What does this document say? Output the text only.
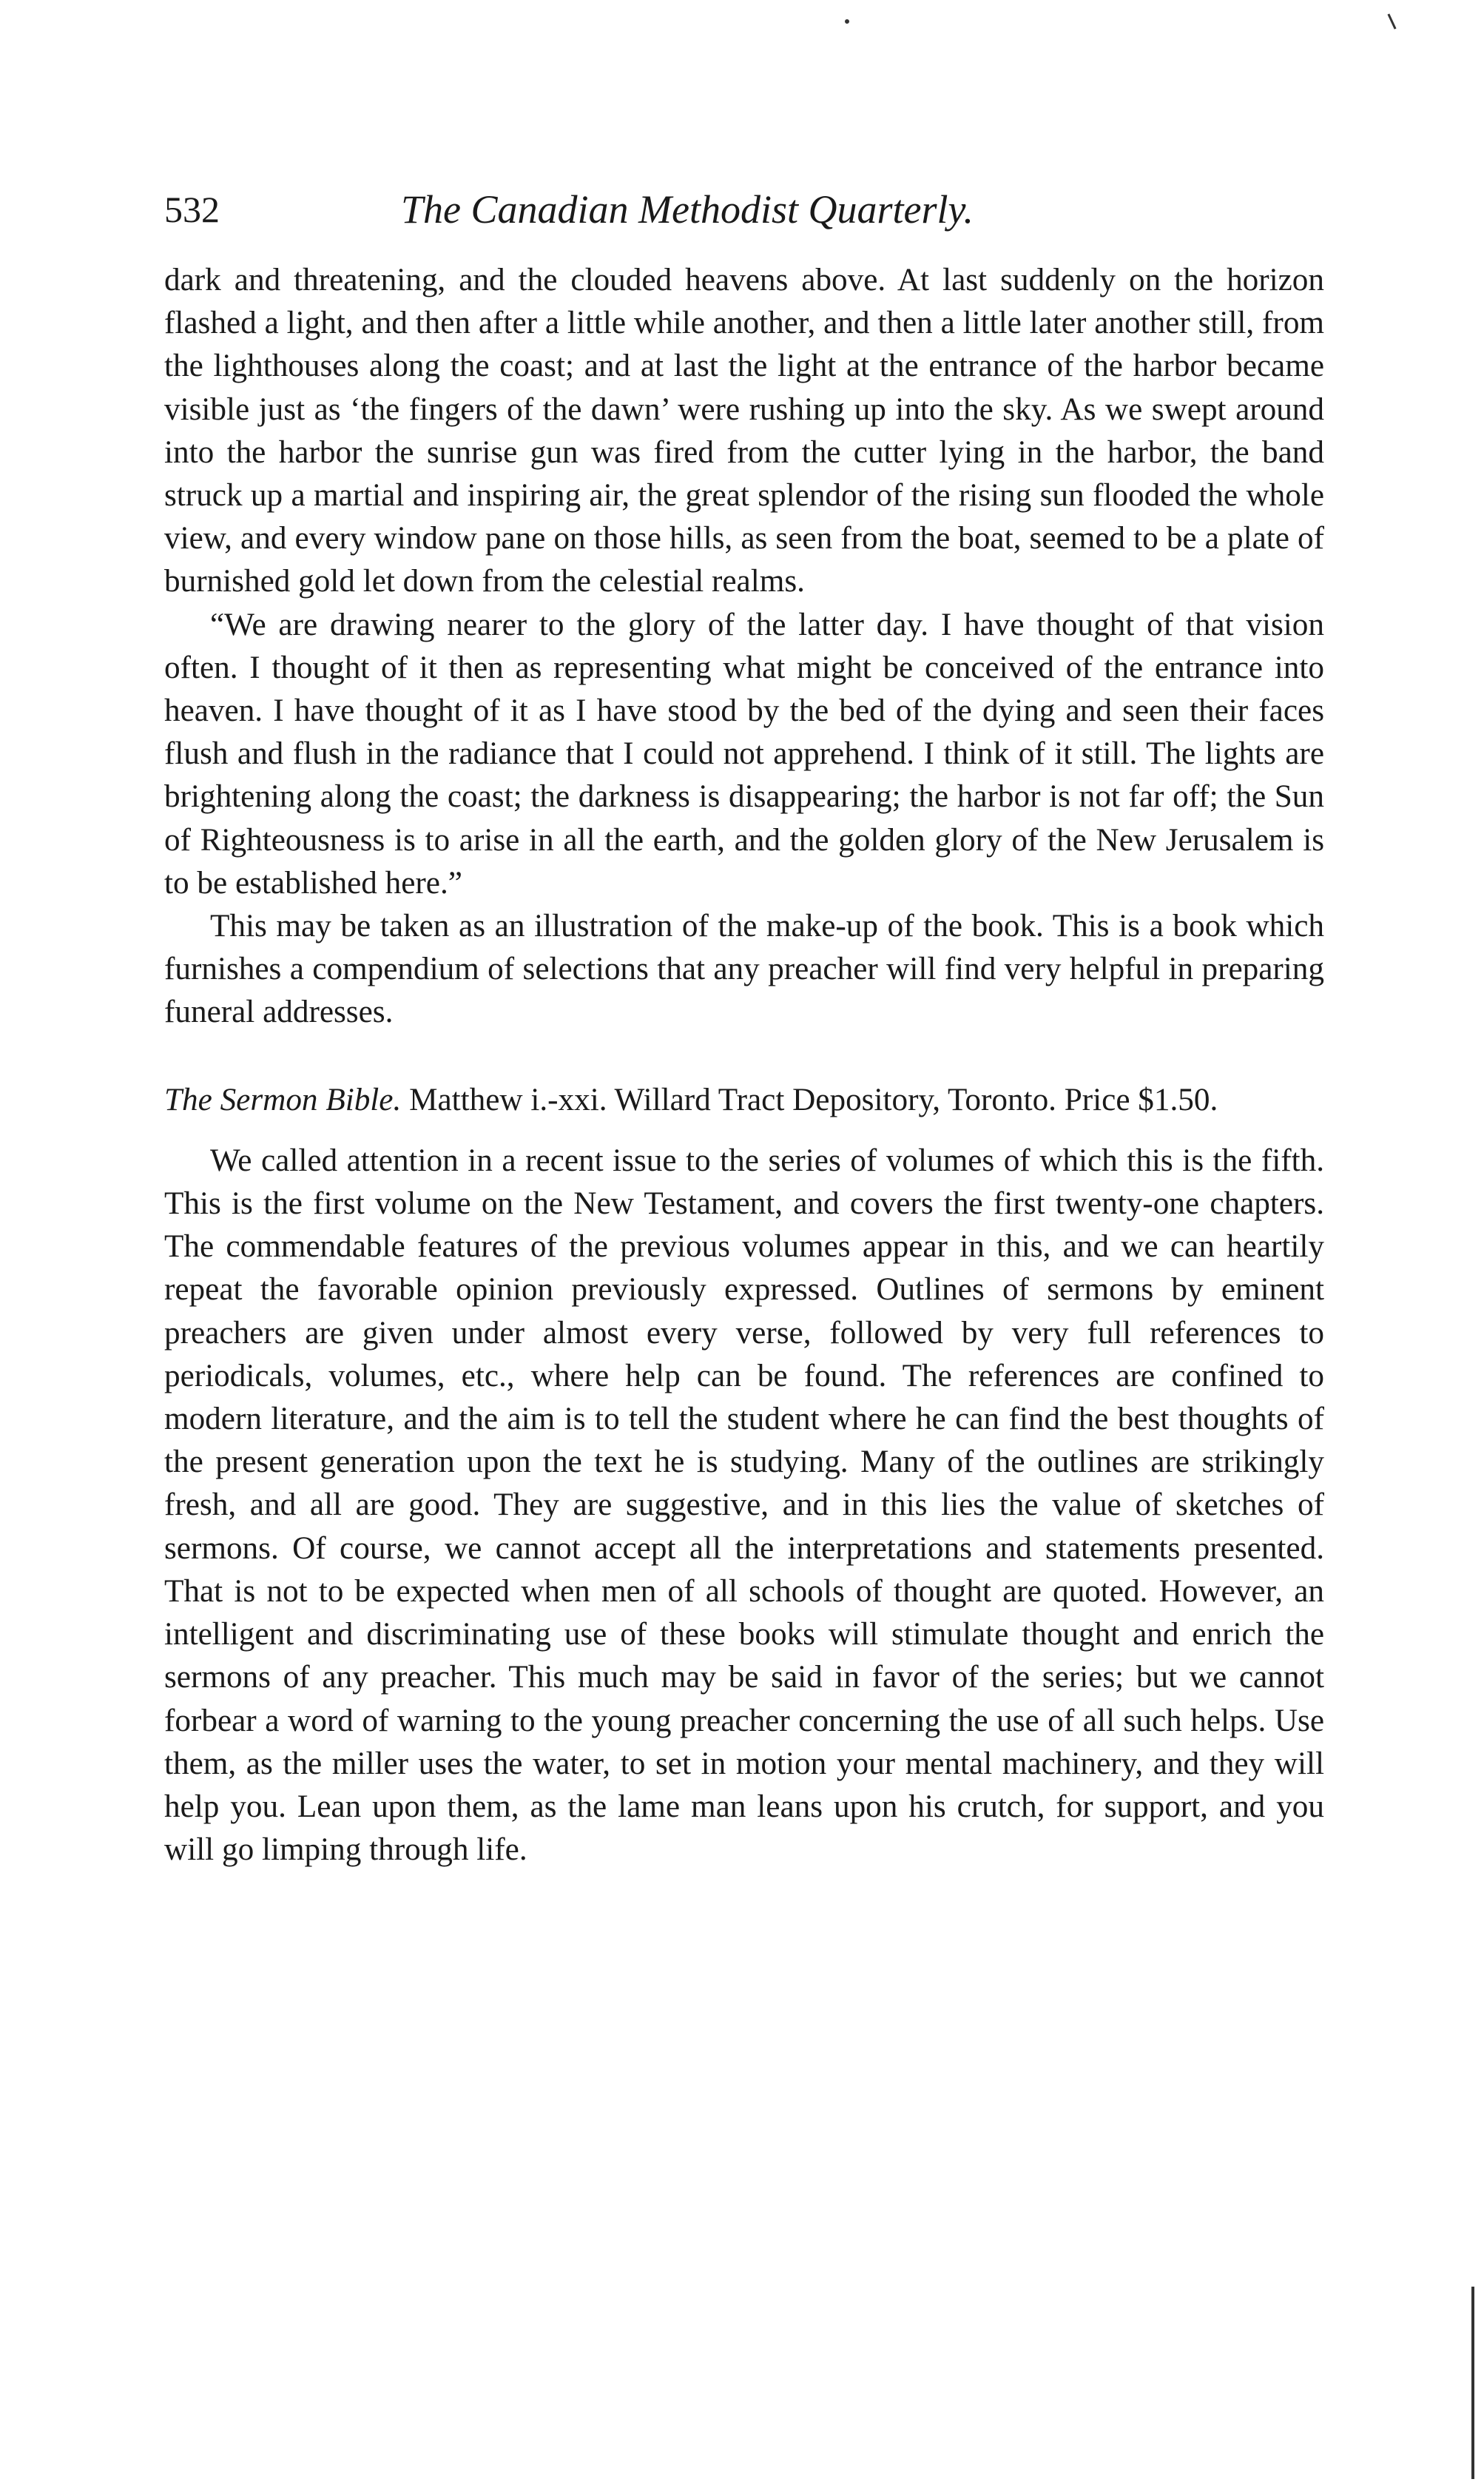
532	The Canadian Methodist Quarterly.

dark and threatening, and the clouded heavens above. At last suddenly on the horizon flashed a light, and then after a little while another, and then a little later another still, from the lighthouses along the coast; and at last the light at the entrance of the harbor became visible just as ‘the fingers of the dawn’ were rushing up into the sky. As we swept around into the harbor the sunrise gun was fired from the cutter lying in the harbor, the band struck up a martial and inspiring air, the great splendor of the rising sun flooded the whole view, and every window pane on those hills, as seen from the boat, seemed to be a plate of burnished gold let down from the celestial realms.

“We are drawing nearer to the glory of the latter day. I have thought of that vision often. I thought of it then as representing what might be conceived of the entrance into heaven. I have thought of it as I have stood by the bed of the dying and seen their faces flush and flush in the radiance that I could not apprehend. I think of it still. The lights are brightening along the coast; the darkness is disappearing; the harbor is not far off; the Sun of Righteousness is to arise in all the earth, and the golden glory of the New Jerusalem is to be established here.”

This may be taken as an illustration of the make-up of the book. This is a book which furnishes a compendium of selections that any preacher will find very helpful in preparing funeral addresses.

The Sermon Bible. Matthew i.-xxi. Willard Tract Depository, Toronto. Price $1.50.

We called attention in a recent issue to the series of volumes of which this is the fifth. This is the first volume on the New Testament, and covers the first twenty-one chapters. The commendable features of the previous volumes appear in this, and we can heartily repeat the favorable opinion previously expressed. Outlines of sermons by eminent preachers are given under almost every verse, followed by very full references to periodicals, volumes, etc., where help can be found. The references are confined to modern literature, and the aim is to tell the student where he can find the best thoughts of the present generation upon the text he is studying. Many of the outlines are strikingly fresh, and all are good. They are suggestive, and in this lies the value of sketches of sermons. Of course, we cannot accept all the interpretations and statements presented. That is not to be expected when men of all schools of thought are quoted. However, an intelligent and discriminating use of these books will stimulate thought and enrich the sermons of any preacher. This much may be said in favor of the series; but we cannot forbear a word of warning to the young preacher concerning the use of all such helps. Use them, as the miller uses the water, to set in motion your mental machinery, and they will help you. Lean upon them, as the lame man leans upon his crutch, for support, and you will go limping through life.
